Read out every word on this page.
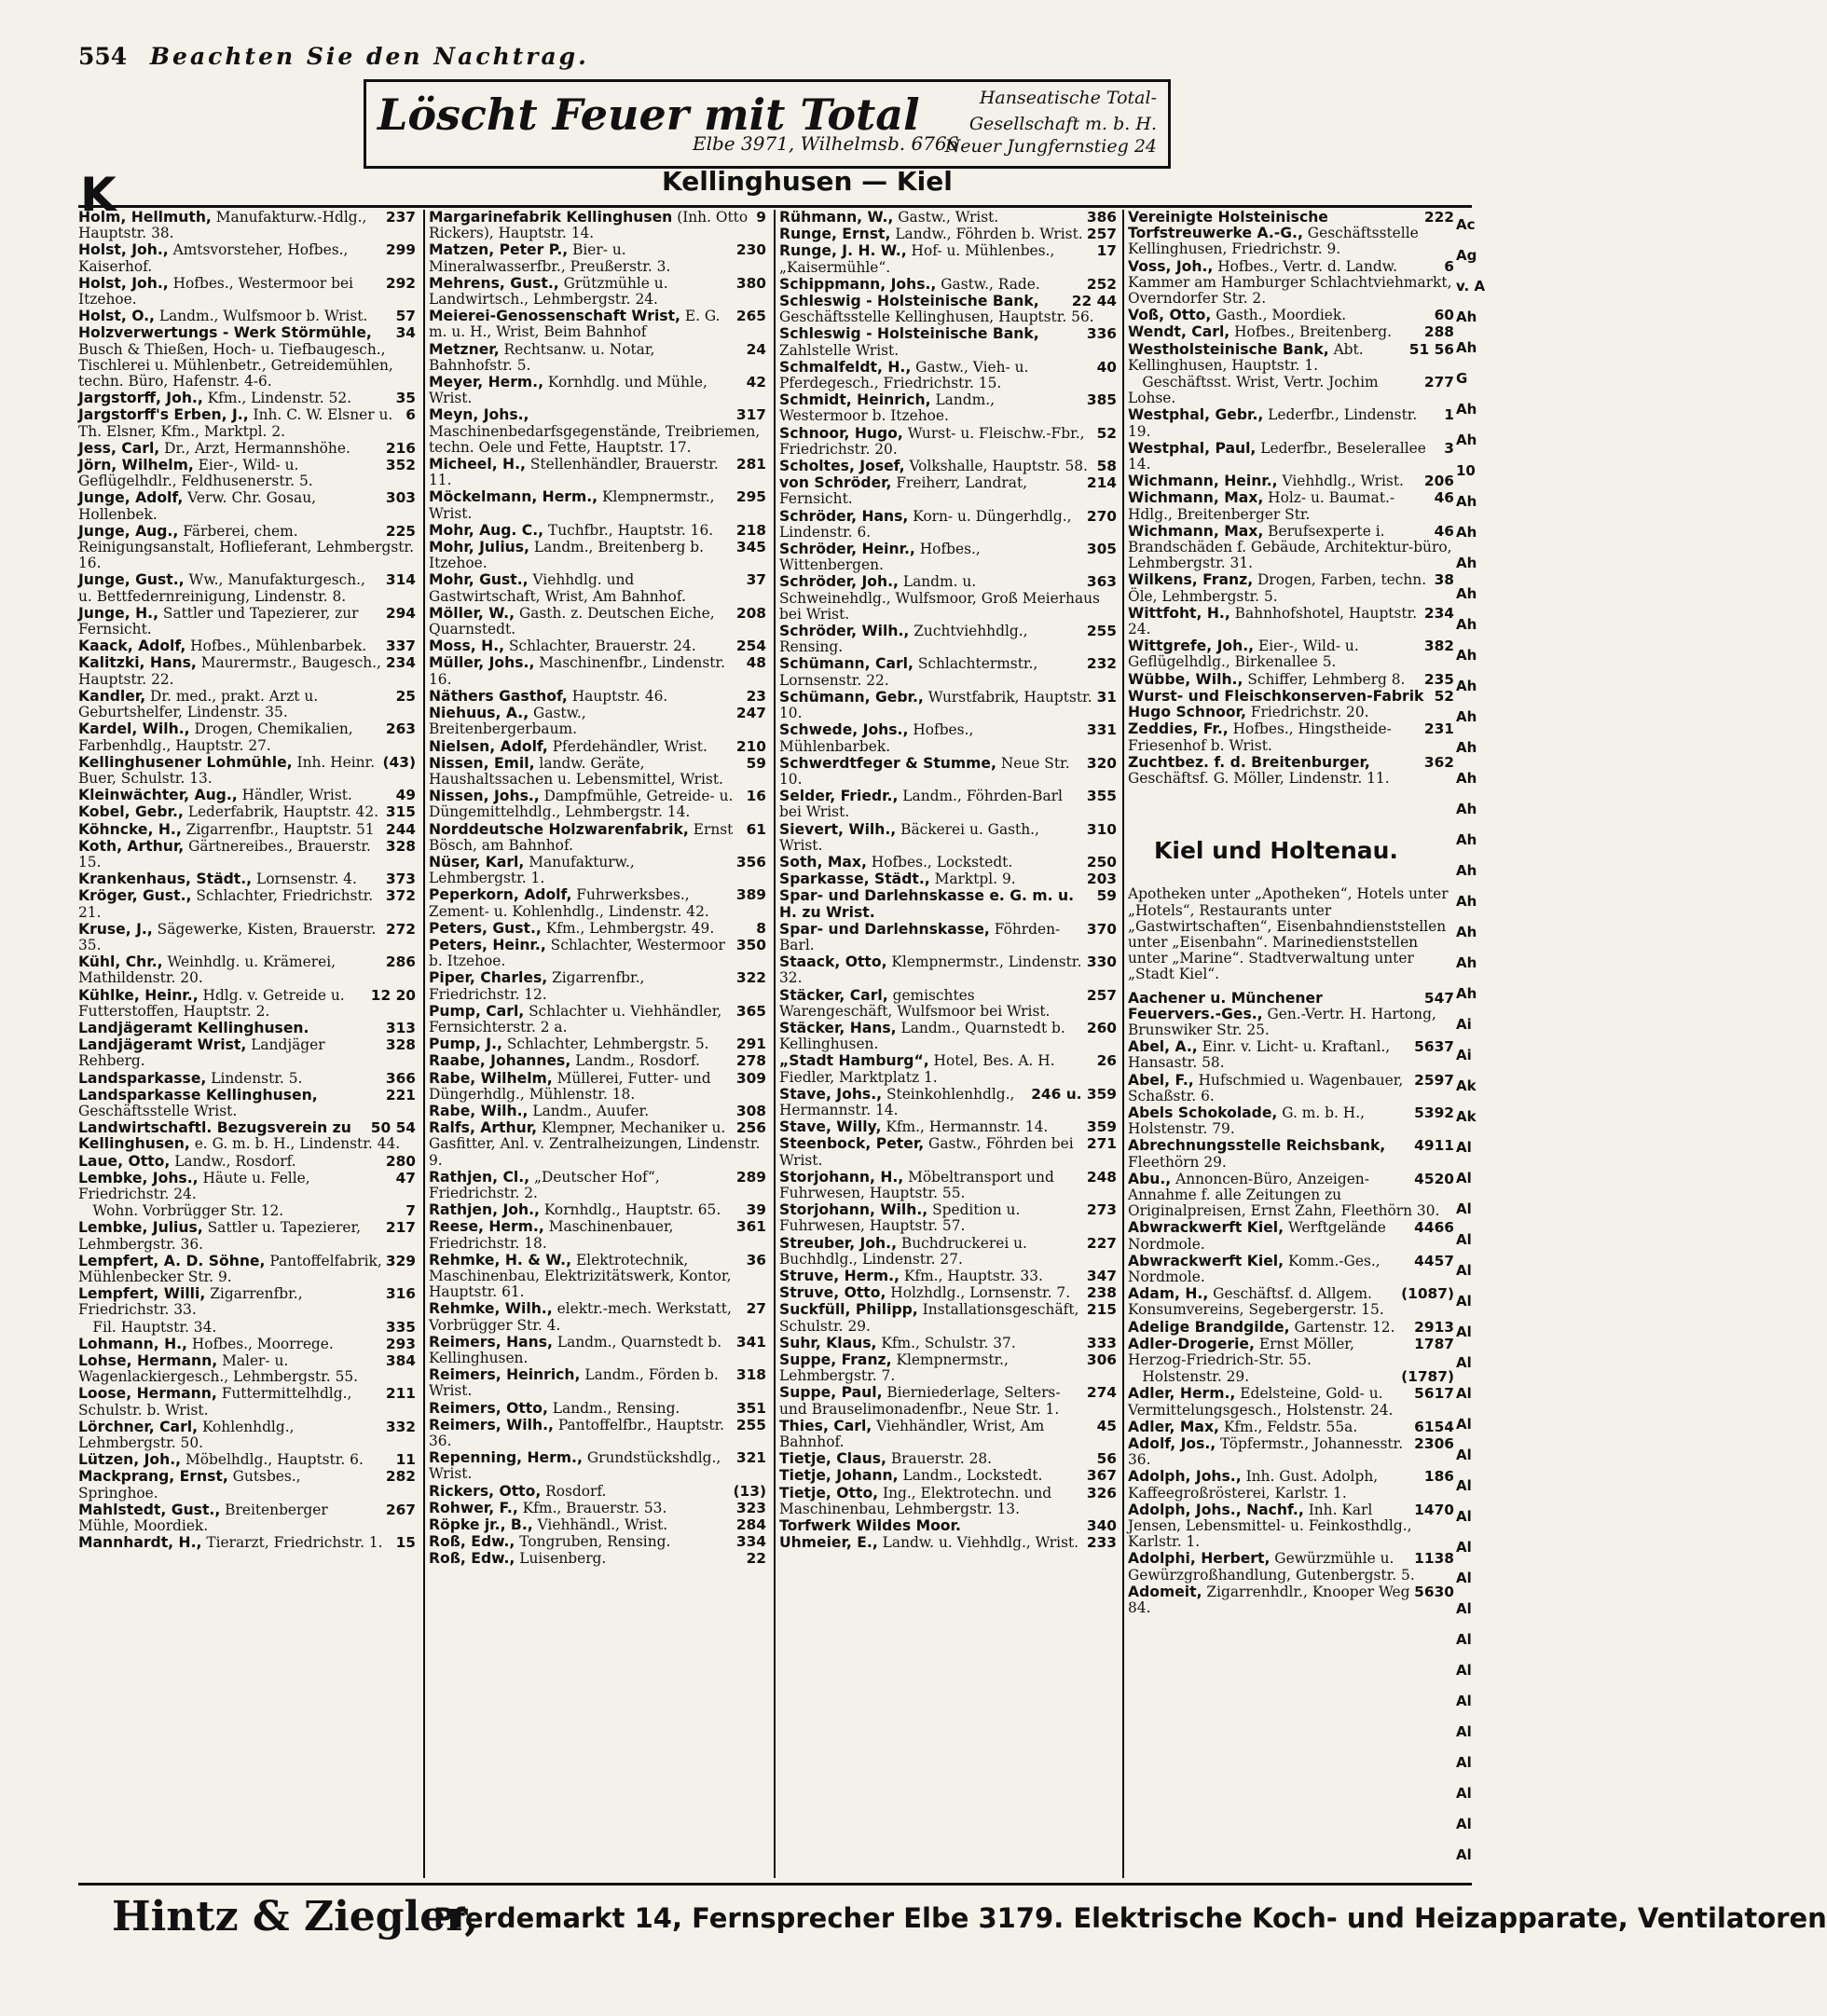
554 Beachten Sie den Nachtrag.
Löscht Feuer mit Total
Elbe 3971, Wilhelmsb. 6766
Hanseatische Total-
Gesellschaft m. b. H.
Neuer Jungfernstieg 24
K	Kellinghusen — Kiel
237
Holm, Hellmuth, Manufakturw.-Hdlg., Hauptstr. 38.
299
Holst, Joh., Amtsvorsteher, Hofbes., Kaiserhof.
292
Holst, Joh., Hofbes., Westermoor bei Itzehoe.
57
Holst, O., Landm., Wulfsmoor b. Wrist.
34
Holzverwertungs - Werk Störmühle, Busch & Thießen, Hoch- u. Tiefbaugesch., Tischlerei u. Mühlenbetr., Getreidemühlen, techn. Büro, Hafenstr. 4-6.
35
Jargstorff, Joh., Kfm., Lindenstr. 52.
6
Jargstorff's Erben, J., Inh. C. W. Elsner u. Th. Elsner, Kfm., Marktpl. 2.
216
Jess, Carl, Dr., Arzt, Hermannshöhe.
352
Jörn, Wilhelm, Eier-, Wild- u. Geflügelhdlr., Feldhusenerstr. 5.
303
Junge, Adolf, Verw. Chr. Gosau, Hollenbek.
225
Junge, Aug., Färberei, chem. Reinigungsanstalt, Hoflieferant, Lehmbergstr. 16.
314
Junge, Gust., Ww., Manufakturgesch., u. Bettfedernreinigung, Lindenstr. 8.
294
Junge, H., Sattler und Tapezierer, zur Fernsicht.
337
Kaack, Adolf, Hofbes., Mühlenbarbek.
234
Kalitzki, Hans, Maurermstr., Baugesch., Hauptstr. 22.
25
Kandler, Dr. med., prakt. Arzt u. Geburtshelfer, Lindenstr. 35.
263
Kardel, Wilh., Drogen, Chemikalien, Farbenhdlg., Hauptstr. 27.
(43)
Kellinghusener Lohmühle, Inh. Heinr. Buer, Schulstr. 13.
49
Kleinwächter, Aug., Händler, Wrist.
315
Kobel, Gebr., Lederfabrik, Hauptstr. 42.
244
Köhncke, H., Zigarrenfbr., Hauptstr. 51
328
Koth, Arthur, Gärtnereibes., Brauerstr. 15.
373
Krankenhaus, Städt., Lornsenstr. 4.
372
Kröger, Gust., Schlachter, Friedrichstr. 21.
272
Kruse, J., Sägewerke, Kisten, Brauerstr. 35.
286
Kühl, Chr., Weinhdlg. u. Krämerei, Mathildenstr. 20.
12 20
Kühlke, Heinr., Hdlg. v. Getreide u. Futterstoffen, Hauptstr. 2.
313
Landjägeramt Kellinghusen.
328
Landjägeramt Wrist, Landjäger Rehberg.
366
Landsparkasse, Lindenstr. 5.
221
Landsparkasse Kellinghusen, Geschäftsstelle Wrist.
50 54
Landwirtschaftl. Bezugsverein zu Kellinghusen, e. G. m. b. H., Lindenstr. 44.
280
Laue, Otto, Landw., Rosdorf.
47
Lembke, Johs., Häute u. Felle, Friedrichstr. 24.
7
 Wohn. Vorbrügger Str. 12.
217
Lembke, Julius, Sattler u. Tapezierer, Lehmbergstr. 36.
329
Lempfert, A. D. Söhne, Pantoffelfabrik, Mühlenbecker Str. 9.
316
Lempfert, Willi, Zigarrenfbr., Friedrichstr. 33.
335
 Fil. Hauptstr. 34.
293
Lohmann, H., Hofbes., Moorrege.
384
Lohse, Hermann, Maler- u. Wagenlackiergesch., Lehmbergstr. 55.
211
Loose, Hermann, Futtermittelhdlg., Schulstr. b. Wrist.
332
Lörchner, Carl, Kohlenhdlg., Lehmbergstr. 50.
11
Lützen, Joh., Möbelhdlg., Hauptstr. 6.
282
Mackprang, Ernst, Gutsbes., Springhoe.
267
Mahlstedt, Gust., Breitenberger Mühle, Moordiek.
15
Mannhardt, H., Tierarzt, Friedrichstr. 1.
9
Margarinefabrik Kellinghusen (Inh. Otto Rickers), Hauptstr. 14.
230
Matzen, Peter P., Bier- u. Mineralwasserfbr., Preußerstr. 3.
380
Mehrens, Gust., Grützmühle u. Landwirtsch., Lehmbergstr. 24.
265
Meierei-Genossenschaft Wrist, E. G. m. u. H., Wrist, Beim Bahnhof
24
Metzner, Rechtsanw. u. Notar, Bahnhofstr. 5.
42
Meyer, Herm., Kornhdlg. und Mühle, Wrist.
317
Meyn, Johs., Maschinenbedarfsgegenstände, Treibriemen, techn. Oele und Fette, Hauptstr. 17.
281
Micheel, H., Stellenhändler, Brauerstr. 11.
295
Möckelmann, Herm., Klempnermstr., Wrist.
218
Mohr, Aug. C., Tuchfbr., Hauptstr. 16.
345
Mohr, Julius, Landm., Breitenberg b. Itzehoe.
37
Mohr, Gust., Viehhdlg. und Gastwirtschaft, Wrist, Am Bahnhof.
208
Möller, W., Gasth. z. Deutschen Eiche, Quarnstedt.
254
Moss, H., Schlachter, Brauerstr. 24.
48
Müller, Johs., Maschinenfbr., Lindenstr. 16.
23
Näthers Gasthof, Hauptstr. 46.
247
Niehuus, A., Gastw., Breitenbergerbaum.
210
Nielsen, Adolf, Pferdehändler, Wrist.
59
Nissen, Emil, landw. Geräte, Haushaltssachen u. Lebensmittel, Wrist.
16
Nissen, Johs., Dampfmühle, Getreide- u. Düngemittelhdlg., Lehmbergstr. 14.
61
Norddeutsche Holzwarenfabrik, Ernst Bösch, am Bahnhof.
356
Nüser, Karl, Manufakturw., Lehmbergstr. 1.
389
Peperkorn, Adolf, Fuhrwerksbes., Zement- u. Kohlenhdlg., Lindenstr. 42.
8
Peters, Gust., Kfm., Lehmbergstr. 49.
350
Peters, Heinr., Schlachter, Westermoor b. Itzehoe.
322
Piper, Charles, Zigarrenfbr., Friedrichstr. 12.
365
Pump, Carl, Schlachter u. Viehhändler, Fernsichterstr. 2 a.
291
Pump, J., Schlachter, Lehmbergstr. 5.
278
Raabe, Johannes, Landm., Rosdorf.
309
Rabe, Wilhelm, Müllerei, Futter- und Düngerhdlg., Mühlenstr. 18.
308
Rabe, Wilh., Landm., Auufer.
256
Ralfs, Arthur, Klempner, Mechaniker u. Gasfitter, Anl. v. Zentralheizungen, Lindenstr. 9.
289
Rathjen, Cl., „Deutscher Hof“, Friedrichstr. 2.
39
Rathjen, Joh., Kornhdlg., Hauptstr. 65.
361
Reese, Herm., Maschinenbauer, Friedrichstr. 18.
36
Rehmke, H. & W., Elektrotechnik, Maschinenbau, Elektrizitätswerk, Kontor, Hauptstr. 61.
27
Rehmke, Wilh., elektr.-mech. Werkstatt, Vorbrügger Str. 4.
341
Reimers, Hans, Landm., Quarnstedt b. Kellinghusen.
318
Reimers, Heinrich, Landm., Förden b. Wrist.
351
Reimers, Otto, Landm., Rensing.
255
Reimers, Wilh., Pantoffelfbr., Hauptstr. 36.
321
Repenning, Herm., Grundstückshdlg., Wrist.
(13)
Rickers, Otto, Rosdorf.
323
Rohwer, F., Kfm., Brauerstr. 53.
284
Röpke jr., B., Viehhändl., Wrist.
334
Roß, Edw., Tongruben, Rensing.
22
Roß, Edw., Luisenberg.
386
Rühmann, W., Gastw., Wrist.
257
Runge, Ernst, Landw., Föhrden b. Wrist.
17
Runge, J. H. W., Hof- u. Mühlenbes., „Kaisermühle“.
252
Schippmann, Johs., Gastw., Rade.
22 44
Schleswig - Holsteinische Bank, Geschäftsstelle Kellinghusen, Hauptstr. 56.
336
Schleswig - Holsteinische Bank, Zahlstelle Wrist.
40
Schmalfeldt, H., Gastw., Vieh- u. Pferdegesch., Friedrichstr. 15.
385
Schmidt, Heinrich, Landm., Westermoor b. Itzehoe.
52
Schnoor, Hugo, Wurst- u. Fleischw.-Fbr., Friedrichstr. 20.
58
Scholtes, Josef, Volkshalle, Hauptstr. 58.
214
von Schröder, Freiherr, Landrat, Fernsicht.
270
Schröder, Hans, Korn- u. Düngerhdlg., Lindenstr. 6.
305
Schröder, Heinr., Hofbes., Wittenbergen.
363
Schröder, Joh., Landm. u. Schweinehdlg., Wulfsmoor, Groß Meierhaus bei Wrist.
255
Schröder, Wilh., Zuchtviehhdlg., Rensing.
232
Schümann, Carl, Schlachtermstr., Lornsenstr. 22.
31
Schümann, Gebr., Wurstfabrik, Hauptstr. 10.
331
Schwede, Johs., Hofbes., Mühlenbarbek.
320
Schwerdtfeger & Stumme, Neue Str. 10.
355
Selder, Friedr., Landm., Föhrden-Barl bei Wrist.
310
Sievert, Wilh., Bäckerei u. Gasth., Wrist.
250
Soth, Max, Hofbes., Lockstedt.
203
Sparkasse, Städt., Marktpl. 9.
59
Spar- und Darlehnskasse e. G. m. u. H. zu Wrist.
370
Spar- und Darlehnskasse, Föhrden-Barl.
330
Staack, Otto, Klempnermstr., Lindenstr. 32.
257
Stäcker, Carl, gemischtes Warengeschäft, Wulfsmoor bei Wrist.
260
Stäcker, Hans, Landm., Quarnstedt b. Kellinghusen.
26
„Stadt Hamburg“, Hotel, Bes. A. H. Fiedler, Marktplatz 1.
246 u. 359
Stave, Johs., Steinkohlenhdlg., Hermannstr. 14.
359
Stave, Willy, Kfm., Hermannstr. 14.
271
Steenbock, Peter, Gastw., Föhrden bei Wrist.
248
Storjohann, H., Möbeltransport und Fuhrwesen, Hauptstr. 55.
273
Storjohann, Wilh., Spedition u. Fuhrwesen, Hauptstr. 57.
227
Streuber, Joh., Buchdruckerei u. Buchhdlg., Lindenstr. 27.
347
Struve, Herm., Kfm., Hauptstr. 33.
238
Struve, Otto, Holzhdlg., Lornsenstr. 7.
215
Suckfüll, Philipp, Installationsgeschäft, Schulstr. 29.
333
Suhr, Klaus, Kfm., Schulstr. 37.
306
Suppe, Franz, Klempnermstr., Lehmbergstr. 7.
274
Suppe, Paul, Bierniederlage, Selters- und Brauselimonadenfbr., Neue Str. 1.
45
Thies, Carl, Viehhändler, Wrist, Am Bahnhof.
56
Tietje, Claus, Brauerstr. 28.
367
Tietje, Johann, Landm., Lockstedt.
326
Tietje, Otto, Ing., Elektrotechn. und Maschinenbau, Lehmbergstr. 13.
340
Torfwerk Wildes Moor.
233
Uhmeier, E., Landw. u. Viehhdlg., Wrist.
222
Vereinigte Holsteinische Torfstreuwerke A.-G., Geschäftsstelle Kellinghusen, Friedrichstr. 9.
6
Voss, Joh., Hofbes., Vertr. d. Landw. Kammer am Hamburger Schlachtviehmarkt, Overndorfer Str. 2.
60
Voß, Otto, Gasth., Moordiek.
288
Wendt, Carl, Hofbes., Breitenberg.
51 56
Westholsteinische Bank, Abt. Kellinghusen, Hauptstr. 1.
277
 Geschäftsst. Wrist, Vertr. Jochim Lohse.
1
Westphal, Gebr., Lederfbr., Lindenstr. 19.
3
Westphal, Paul, Lederfbr., Beselerallee 14.
206
Wichmann, Heinr., Viehhdlg., Wrist.
46
Wichmann, Max, Holz- u. Baumat.-Hdlg., Breitenberger Str.
46
Wichmann, Max, Berufsexperte i. Brandschäden f. Gebäude, Architektur-büro, Lehmbergstr. 31.
38
Wilkens, Franz, Drogen, Farben, techn. Öle, Lehmbergstr. 5.
234
Wittfoht, H., Bahnhofshotel, Hauptstr. 24.
382
Wittgrefe, Joh., Eier-, Wild- u. Geflügelhdlg., Birkenallee 5.
235
Wübbe, Wilh., Schiffer, Lehmberg 8.
52
Wurst- und Fleischkonserven-Fabrik Hugo Schnoor, Friedrichstr. 20.
231
Zeddies, Fr., Hofbes., Hingstheide-Friesenhof b. Wrist.
362
Zuchtbez. f. d. Breitenburger, Geschäftsf. G. Möller, Lindenstr. 11.
Kiel und Holtenau.
Apotheken unter „Apotheken“, Hotels unter „Hotels“, Restaurants unter „Gastwirtschaften“, Eisenbahndienststellen unter „Eisenbahn“. Marinedienststellen unter „Marine“. Stadtverwaltung unter „Stadt Kiel“.
547
Aachener u. Münchener Feuervers.-Ges., Gen.-Vertr. H. Hartong, Brunswiker Str. 25.
5637
Abel, A., Einr. v. Licht- u. Kraftanl., Hansastr. 58.
2597
Abel, F., Hufschmied u. Wagenbauer, Schaßstr. 6.
5392
Abels Schokolade, G. m. b. H., Holstenstr. 79.
4911
Abrechnungsstelle Reichsbank, Fleethörn 29.
4520
Abu., Annoncen-Büro, Anzeigen-Annahme f. alle Zeitungen zu Originalpreisen, Ernst Zahn, Fleethörn 30.
4466
Abwrackwerft Kiel, Werftgelände Nordmole.
4457
Abwrackwerft Kiel, Komm.-Ges., Nordmole.
(1087)
Adam, H., Geschäftsf. d. Allgem. Konsumvereins, Segebergerstr. 15.
2913
Adelige Brandgilde, Gartenstr. 12.
1787
Adler-Drogerie, Ernst Möller, Herzog-Friedrich-Str. 55.
(1787)
 Holstenstr. 29.
5617
Adler, Herm., Edelsteine, Gold- u. Vermittelungsgesch., Holstenstr. 24.
6154
Adler, Max, Kfm., Feldstr. 55a.
2306
Adolf, Jos., Töpfermstr., Johannesstr. 36.
186
Adolph, Johs., Inh. Gust. Adolph, Kaffeegroßrösterei, Karlstr. 1.
1470
Adolph, Johs., Nachf., Inh. Karl Jensen, Lebensmittel- u. Feinkosthdlg., Karlstr. 1.
1138
Adolphi, Herbert, Gewürzmühle u. Gewürzgroßhandlung, Gutenbergstr. 5.
5630
Adomeit, Zigarrenhdlr., Knooper Weg 84.
Ac
Ag
v. A
Ah
Ah
G
Ah
Ah
10
Ah
Ah
Ah
Ah
Ah
Ah
Ah
Ah
Ah
Ah
Ah
Ah
Ah
Ah
Ah
Ah
Ah
Ai
Ai
Ak
Ak
Al
Al
Al
Al
Al
Al
Al
Al
Al
Al
Al
Al
Al
Al
Al
Al
Al
Al
Al
Al
Al
Al
Al
Al
Hintz & Ziegler,
Pferdemarkt 14, Fernsprecher Elbe 3179. Elektrische Koch- und Heizapparate, Ventilatoren
